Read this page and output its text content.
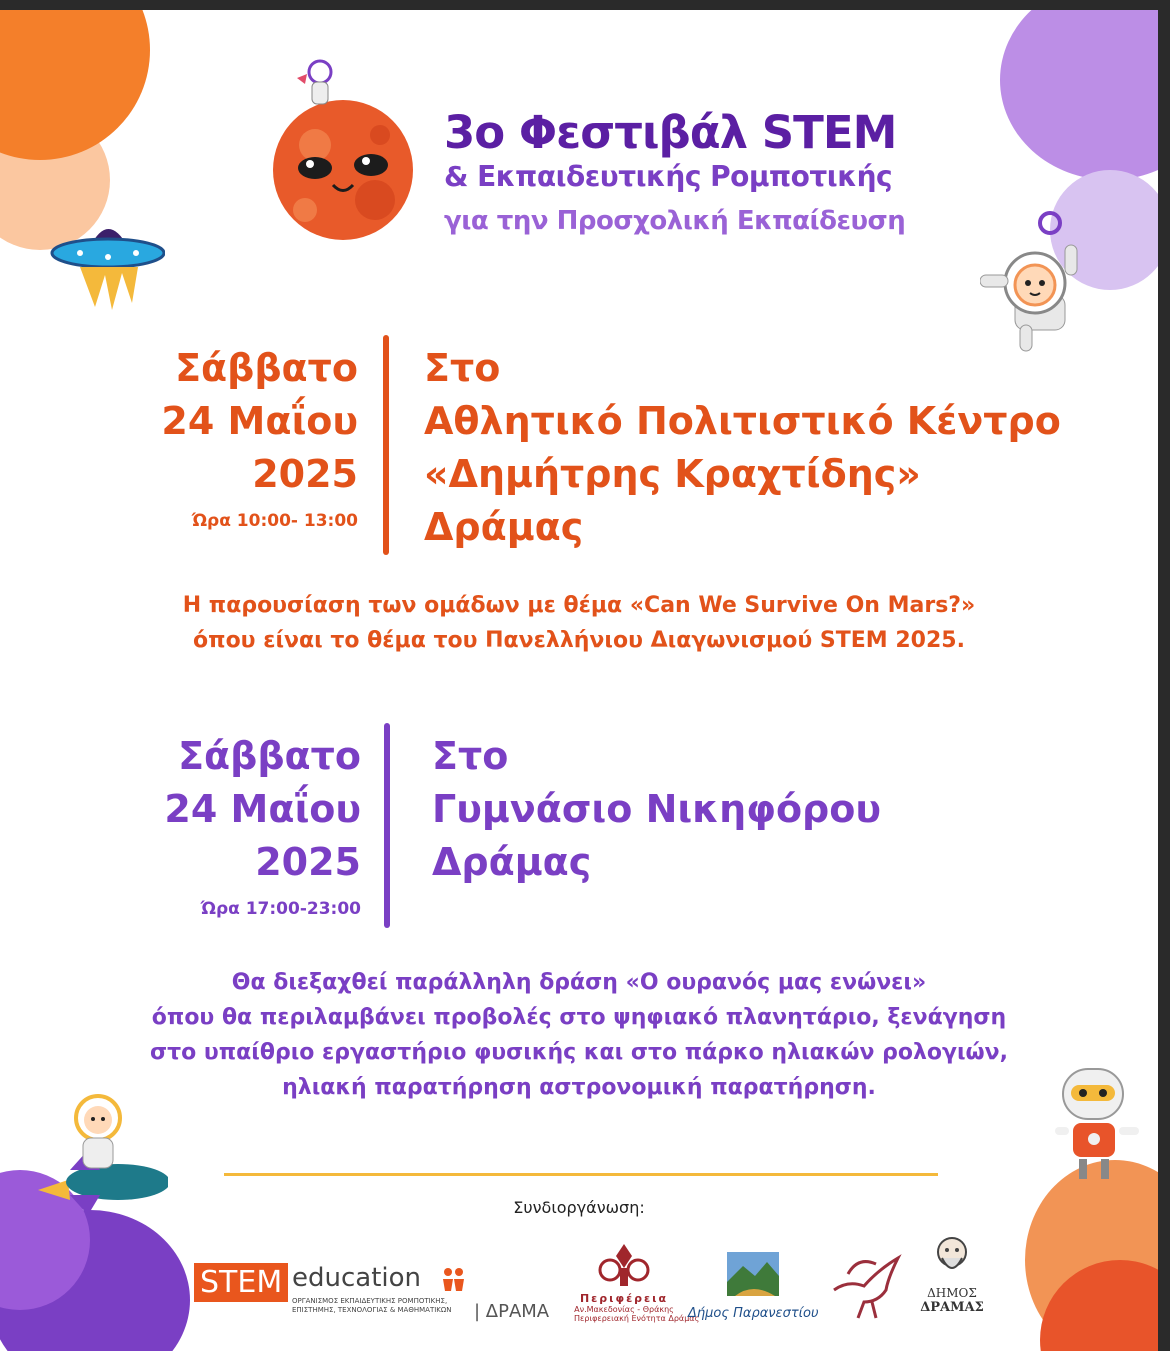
3ο Φεστιβάλ STEM
& Εκπαιδευτικής Ρομποτικής
για την Προσχολική Εκπαίδευση
Σάββατο
24 Μαΐου
2025
Ώρα 10:00- 13:00
Στο
Αθλητικό Πολιτιστικό Κέντρο
«Δημήτρης Κραχτίδης»
Δράμας
Η παρουσίαση των ομάδων με θέμα «Can We Survive On Mars?»
όπου είναι το θέμα του Πανελλήνιου Διαγωνισμού STEM 2025.
Σάββατο
24 Μαΐου
2025
Ώρα 17:00-23:00
Στο
Γυμνάσιο Νικηφόρου
Δράμας
Θα διεξαχθεί παράλληλη δράση «Ο ουρανός μας ενώνει»
όπου θα περιλαμβάνει προβολές στο ψηφιακό πλανητάριο, ξενάγηση
στο υπαίθριο εργαστήριο φυσικής και στο πάρκο ηλιακών ρολογιών,
ηλιακή παρατήρηση αστρονομική παρατήρηση.
Συνδιοργάνωση:
STEM education
ΟΡΓΑΝΙΣΜΟΣ ΕΚΠΑΙΔΕΥΤΙΚΗΣ ΡΟΜΠΟΤΙΚΗΣ,
ΕΠΙΣΤΗΜΗΣ, ΤΕΧΝΟΛΟΓΙΑΣ & ΜΑΘΗΜΑΤΙΚΩΝ | ΔΡΑΜΑ
Περιφέρεια
Αν.Μακεδονίας - Θράκης
Περιφερειακή Ενότητα Δράμας
Δήμος Παρανεστίου
ΔΗΜΟΣ
ΔΡΑΜΑΣ
